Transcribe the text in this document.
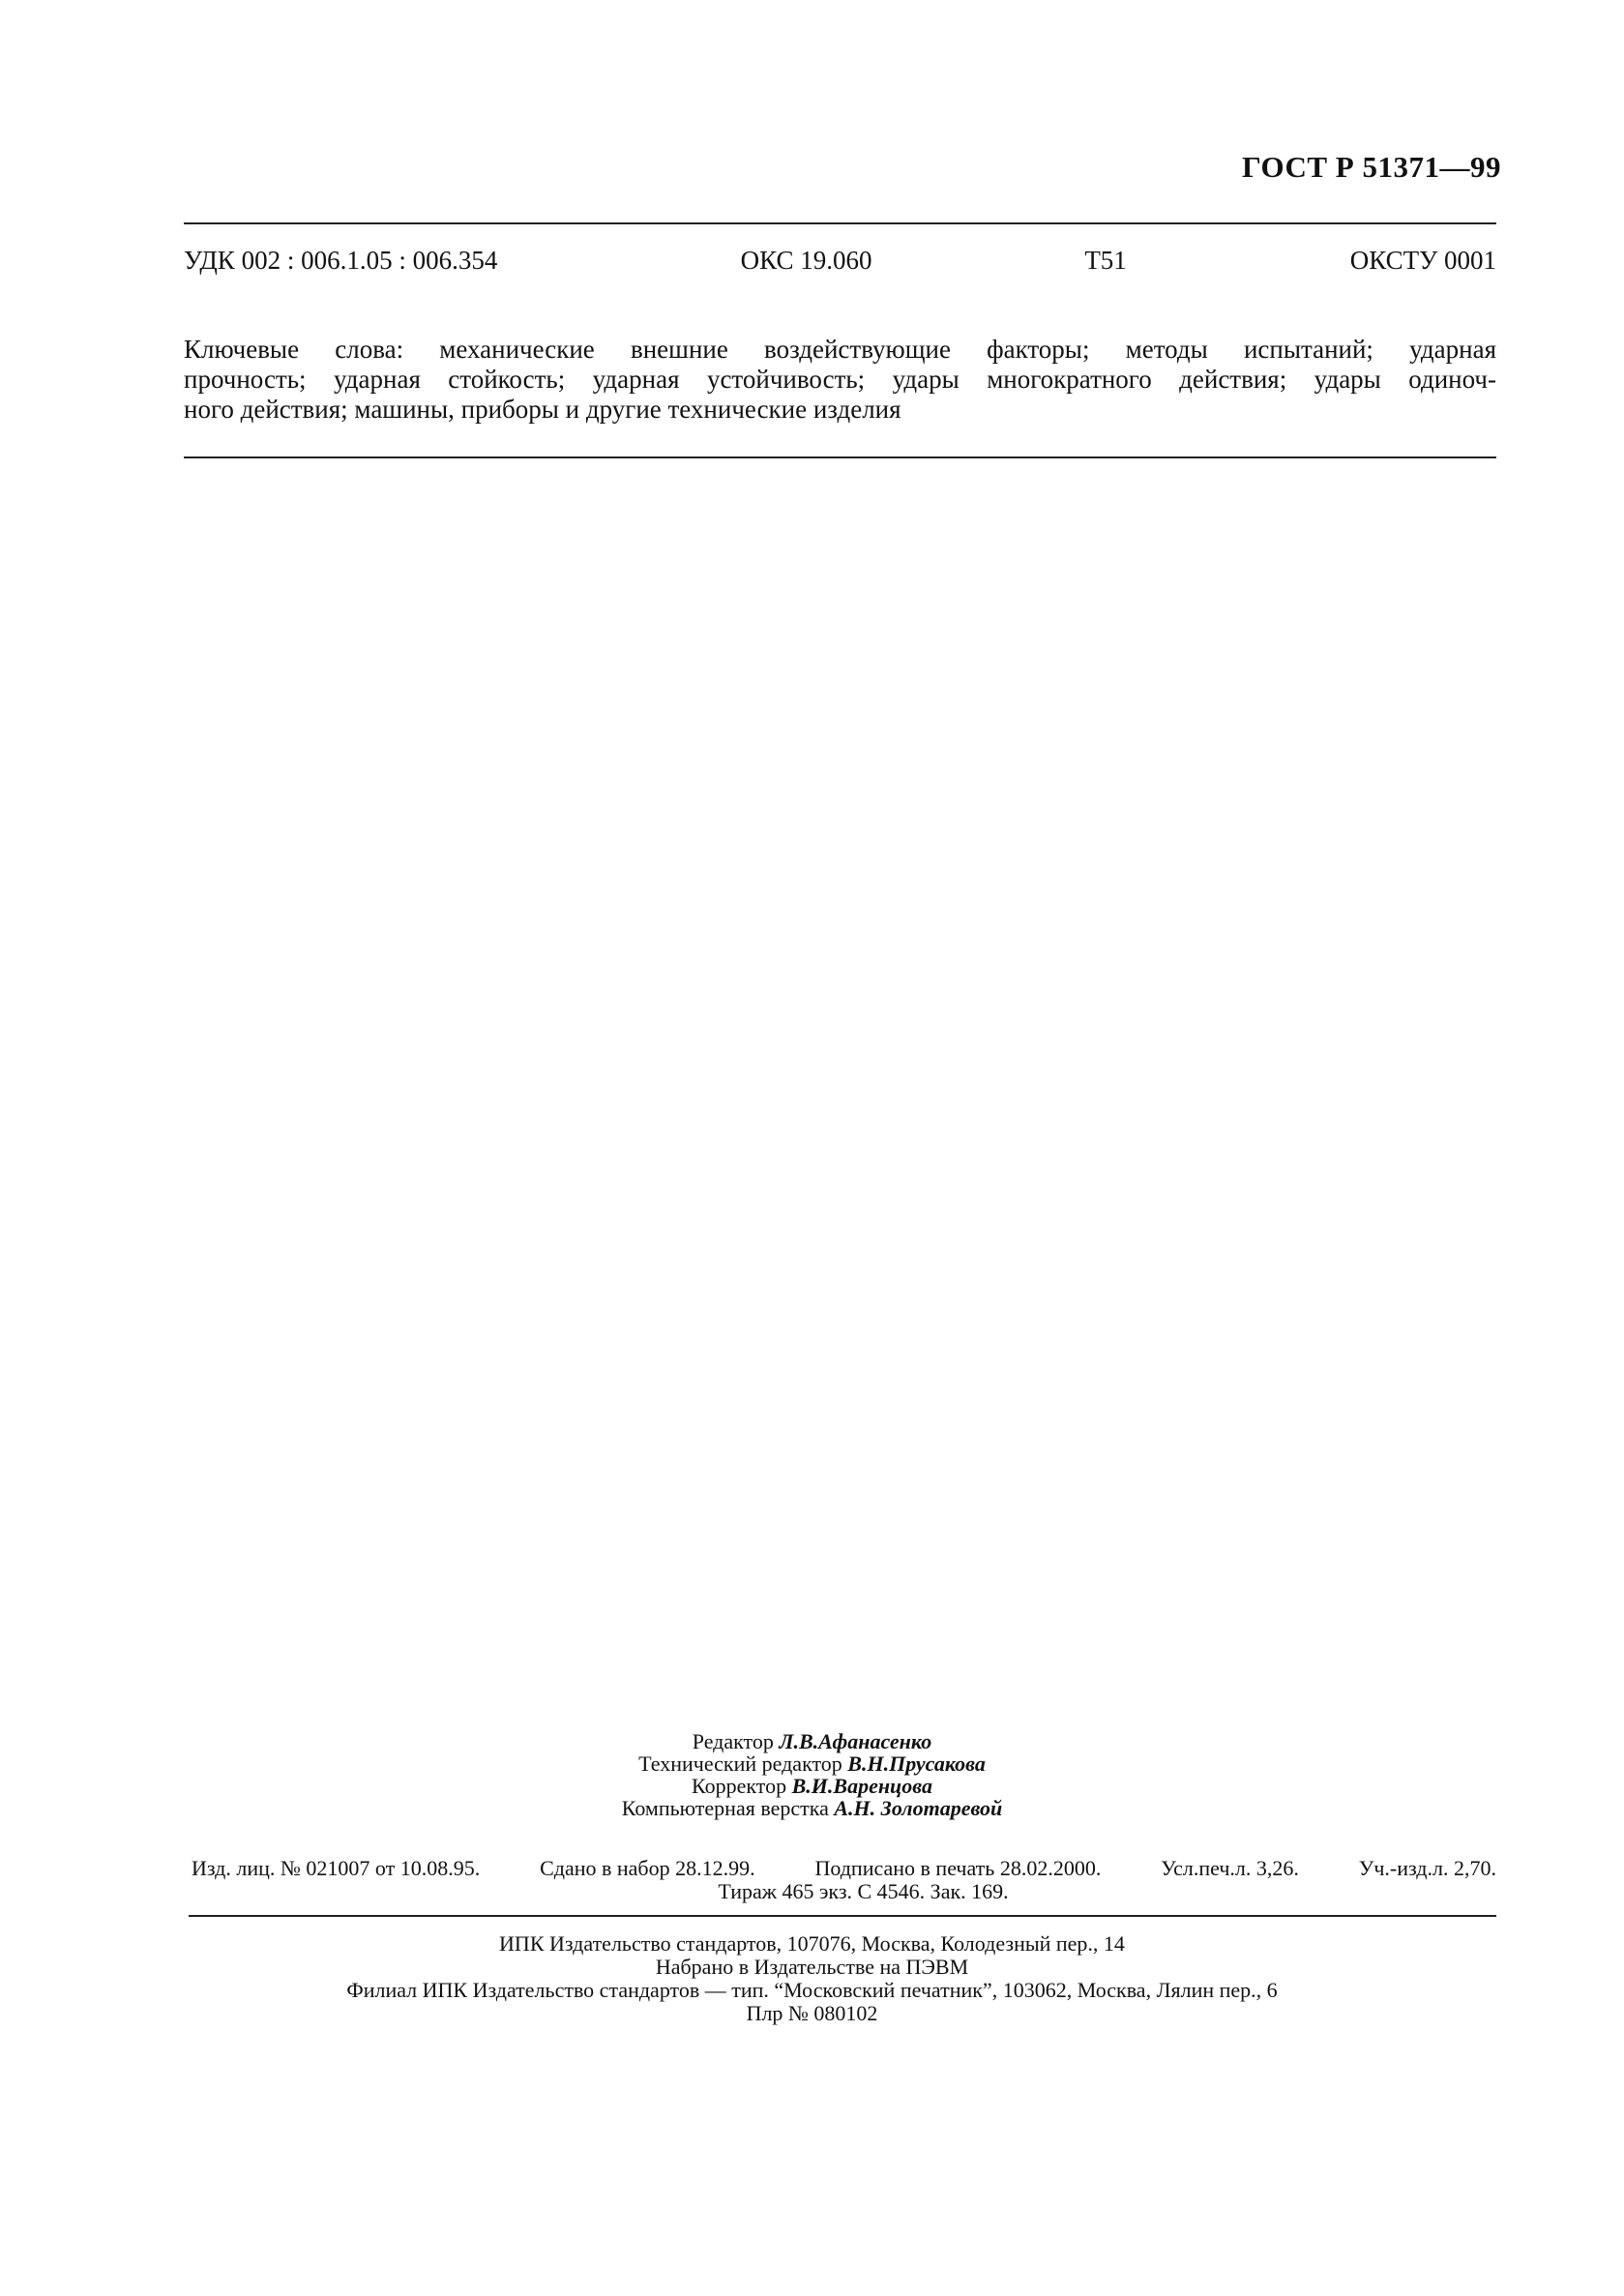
ГОСТ Р 51371—99
УДК 002 : 006.1.05 : 006.354	ОКС 19.060	Т51	ОКСТУ 0001
Ключевые слова: механические внешние воздействующие факторы; методы испытаний; ударная
прочность; ударная стойкость; ударная устойчивость; удары многократного действия; удары одиноч-
ного действия; машины, приборы и другие технические изделия
Редактор Л.В.Афанасенко
Технический редактор В.Н.Прусакова
Корректор В.И.Варенцова
Компьютерная верстка А.Н. Золотаревой
Изд. лиц. № 021007 от 10.08.95.	Сдано в набор 28.12.99.	Подписано в печать 28.02.2000.	Усл.печ.л. 3,26.	Уч.-изд.л. 2,70.
Тираж 465 экз. С 4546. Зак. 169.
ИПК Издательство стандартов, 107076, Москва, Колодезный пер., 14
Набрано в Издательстве на ПЭВМ
Филиал ИПК Издательство стандартов — тип. “Московский печатник”, 103062, Москва, Лялин пер., 6
Плр № 080102
